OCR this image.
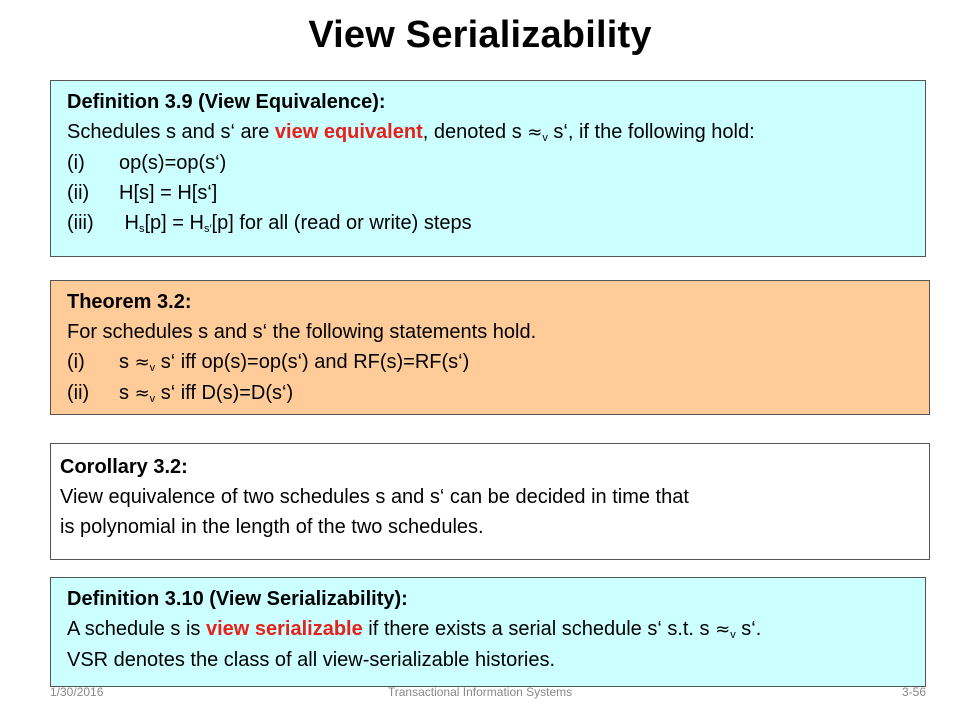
View Serializability
Definition 3.9 (View Equivalence):
Schedules s and s‘ are view equivalent, denoted $s \approx_v$ s‘, if the following hold:
(i)	op(s)=op(s‘)
(ii)	H[s] = H[s‘]
(iii)	$H_s[p] = H_{s'}[p]$ for all (read or write) steps
Theorem 3.2:
For schedules s and s‘ the following statements hold.
(i)	$s \approx_v$ s‘ iff op(s)=op(s‘) and RF(s)=RF(s‘)
(ii)	$s \approx_v$ s‘ iff D(s)=D(s‘)
Corollary 3.2:
View equivalence of two schedules s and s‘ can be decided in time that
is polynomial in the length of the two schedules.
Definition 3.10 (View Serializability):
A schedule s is view serializable if there exists a serial schedule s‘ s.t. $s \approx_v$ s‘.
VSR denotes the class of all view-serializable histories.
1/30/2016	Transactional Information Systems	3-56
